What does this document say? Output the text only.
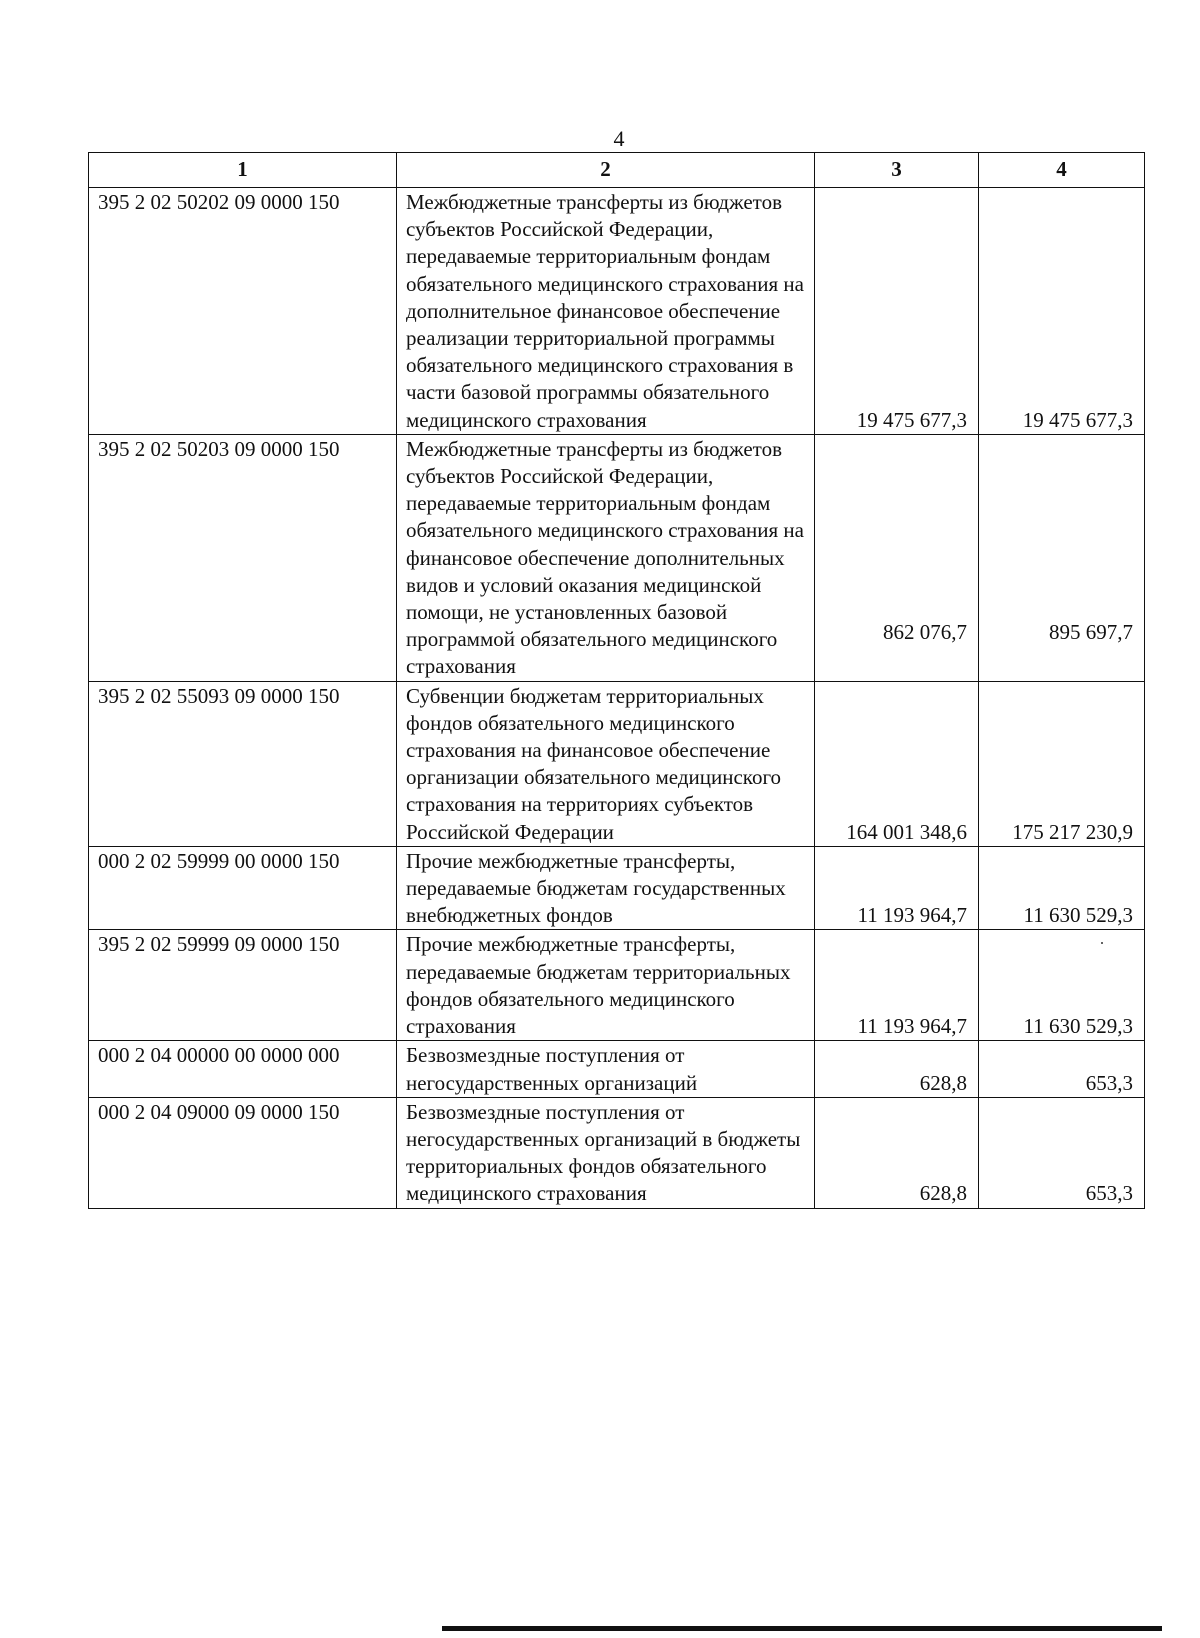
4
1	2	3	4
395 2 02 50202 09 0000 150	Межбюджетные трансферты из бюджетов субъектов Российской Федерации, передаваемые территориальным фондам обязательного медицинского страхования на дополнительное финансовое обеспечение реализации территориальной программы обязательного медицинского страхования в части базовой программы обязательного медицинского страхования	19 475 677,3	19 475 677,3
395 2 02 50203 09 0000 150	Межбюджетные трансферты из бюджетов субъектов Российской Федерации, передаваемые территориальным фондам обязательного медицинского страхования на финансовое обеспечение дополнительных видов и условий оказания медицинской помощи, не установленных базовой программой обязательного медицинского страхования	862 076,7	895 697,7
395 2 02 55093 09 0000 150	Субвенции бюджетам территориальных фондов обязательного медицинского страхования на финансовое обеспечение организации обязательного медицинского страхования на территориях субъектов Российской Федерации	164 001 348,6	175 217 230,9
000 2 02 59999 00 0000 150	Прочие межбюджетные трансферты, передаваемые бюджетам государственных внебюджетных фондов	11 193 964,7	11 630 529,3
395 2 02 59999 09 0000 150	Прочие межбюджетные трансферты, передаваемые бюджетам территориальных фондов обязательного медицинского страхования	11 193 964,7	11 630 529,3
000 2 04 00000 00 0000 000	Безвозмездные поступления от негосударственных организаций	628,8	653,3
000 2 04 09000 09 0000 150	Безвозмездные поступления от негосударственных организаций в бюджеты территориальных фондов обязательного медицинского страхования	628,8	653,3
